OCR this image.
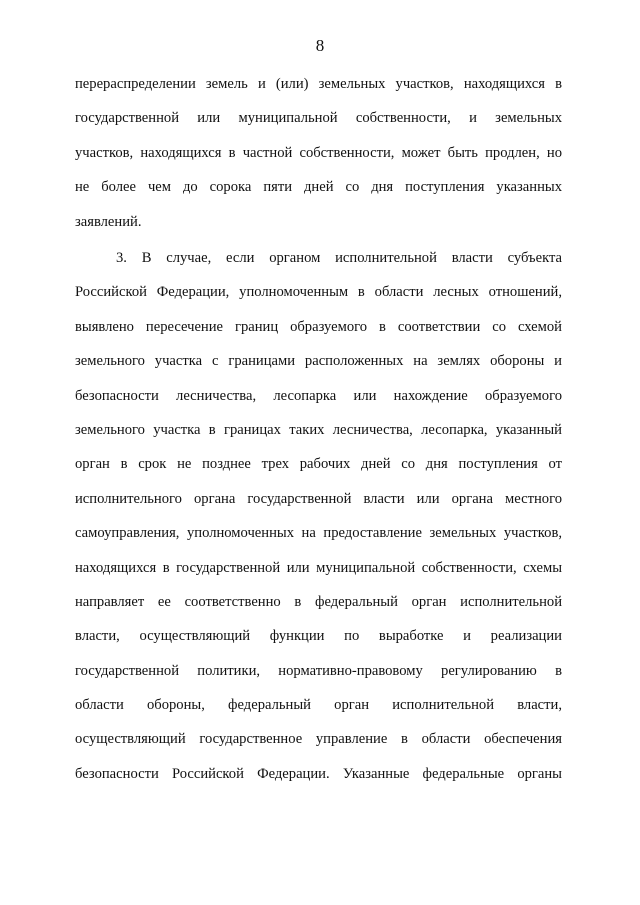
8
перераспределении земель и (или) земельных участков, находящихся в
государственной или муниципальной собственности, и земельных
участков, находящихся в частной собственности, может быть продлен, но
не более чем до сорока пяти дней со дня поступления указанных
заявлений.
3. В случае, если органом исполнительной власти субъекта
Российской Федерации, уполномоченным в области лесных отношений,
выявлено пересечение границ образуемого в соответствии со схемой
земельного участка с границами расположенных на землях обороны и
безопасности лесничества, лесопарка или нахождение образуемого
земельного участка в границах таких лесничества, лесопарка, указанный
орган в срок не позднее трех рабочих дней со дня поступления от
исполнительного органа государственной власти или органа местного
самоуправления, уполномоченных на предоставление земельных участков,
находящихся в государственной или муниципальной собственности, схемы
направляет ее соответственно в федеральный орган исполнительной
власти, осуществляющий функции по выработке и реализации
государственной политики, нормативно-правовому регулированию в
области обороны, федеральный орган исполнительной власти,
осуществляющий государственное управление в области обеспечения
безопасности Российской Федерации. Указанные федеральные органы
